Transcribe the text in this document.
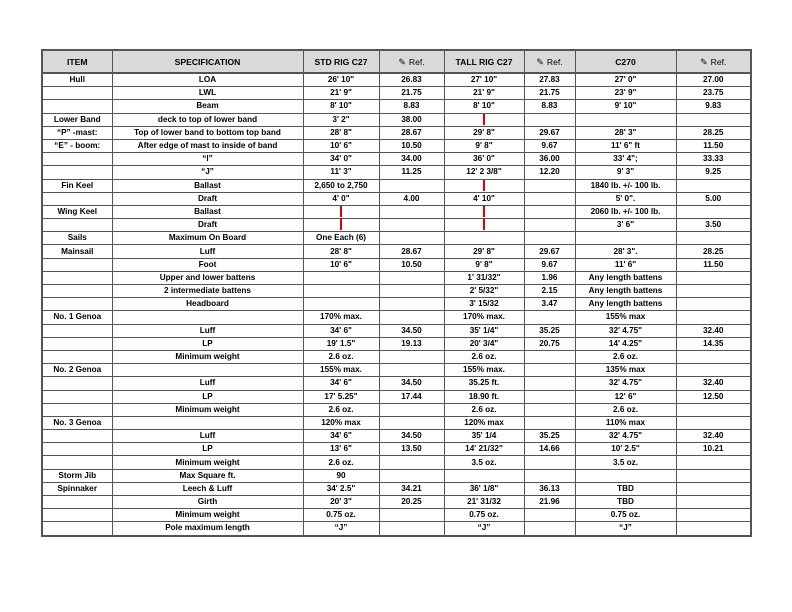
ITEM	SPECIFICATION	STD RIG C27	✎ Ref.	TALL RIG C27	✎ Ref.	C270	✎ Ref.
Hull	LOA	26' 10"	26.83	27' 10"	27.83	27' 0"	27.00
	LWL	21' 9"	21.75	21' 9"	21.75	23' 9"	23.75
	Beam	8' 10"	8.83	8' 10"	8.83	9' 10"	9.83
Lower Band	deck to top of lower band	3' 2"	38.00				
“P” -mast:	Top of lower band to bottom top band	28' 8"	28.67	29' 8"	29.67	28' 3"	28.25
“E” - boom:	After edge of mast to inside of band	10' 6"	10.50	9' 8"	9.67	11' 6" ft	11.50
	“I”	34' 0"	34.00	36' 0"	36.00	33' 4";	33.33
	“J”	11' 3"	11.25	12' 2 3/8"	12.20	9' 3"	9.25
Fin Keel	Ballast	2,650 to 2,750				1840 lb. +/- 100 lb.	
	Draft	4' 0"	4.00	4' 10"		5' 0".	5.00
Wing Keel	Ballast					2060 lb. +/- 100 lb.	
	Draft					3' 6"	3.50
Sails	Maximum On Board	One Each (6)					
Mainsail	Luff	28' 8"	28.67	29' 8"	29.67	28' 3".	28.25
	Foot	10' 6"	10.50	9' 8"	9.67	11' 6"	11.50
	Upper and lower battens			1' 31/32"	1.96	Any length battens	
	2 intermediate battens			2' 5/32"	2.15	Any length battens	
	Headboard			3' 15/32	3.47	Any length battens	
No. 1 Genoa		170% max.		170% max.		155% max	
	Luff	34' 6"	34.50	35' 1/4"	35.25	32' 4.75"	32.40
	LP	19' 1.5"	19.13	20' 3/4"	20.75	14' 4.25"	14.35
	Minimum weight	2.6 oz.		2.6 oz.		2.6 oz.	
No. 2 Genoa		155% max.		155% max.		135% max	
	Luff	34' 6"	34.50	35.25 ft.		32' 4.75"	32.40
	LP	17' 5.25"	17.44	18.90 ft.		12' 6"	12.50
	Minimum weight	2.6 oz.		2.6 oz.		2.6 oz.	
No. 3 Genoa		120% max		120% max		110% max	
	Luff	34' 6"	34.50	35' 1/4	35.25	32' 4.75"	32.40
	LP	13' 6"	13.50	14' 21/32"	14.66	10' 2.5"	10.21
	Minimum weight	2.6 oz.		3.5 oz.		3.5 oz.	
Storm Jib	Max Square ft.	90					
Spinnaker	Leech & Luff	34' 2.5"	34.21	36' 1/8"	36.13	TBD	
	Girth	20' 3"	20.25	21' 31/32	21.96	TBD	
	Minimum weight	0.75 oz.		0.75 oz.		0.75 oz.	
	Pole maximum length	“J”		“J”		“J”	
